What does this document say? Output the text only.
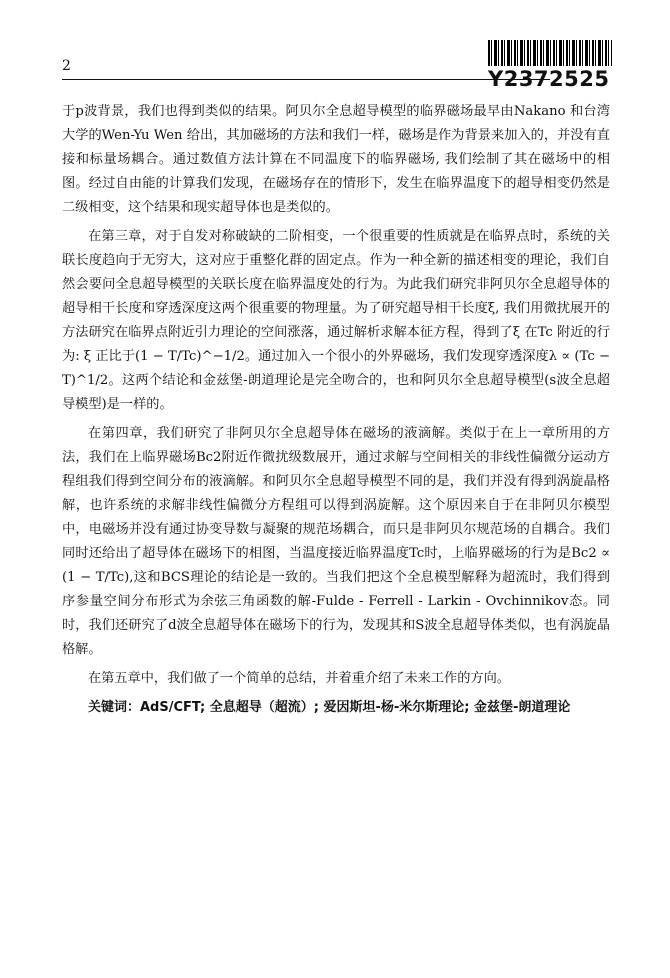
2
Y2372525

于p波背景，我们也得到类似的结果。阿贝尔全息超导模型的临界磁场最早由Nakano 和台湾大学的Wen-Yu Wen 给出，其加磁场的方法和我们一样，磁场是作为背景来加入的，并没有直接和标量场耦合。通过数值方法计算在不同温度下的临界磁场, 我们绘制了其在磁场中的相图。经过自由能的计算我们发现，在磁场存在的情形下，发生在临界温度下的超导相变仍然是二级相变，这个结果和现实超导体也是类似的。

在第三章，对于自发对称破缺的二阶相变，一个很重要的性质就是在临界点时，系统的关联长度趋向于无穷大，这对应于重整化群的固定点。作为一种全新的描述相变的理论，我们自然会要问全息超导模型的关联长度在临界温度处的行为。为此我们研究非阿贝尔全息超导体的超导相干长度和穿透深度这两个很重要的物理量。为了研究超导相干长度ξ, 我们用微扰展开的方法研究在临界点附近引力理论的空间涨落，通过解析求解本征方程，得到了ξ 在Tc 附近的行为: ξ 正比于(1 − T/Tc)^−1/2。通过加入一个很小的外界磁场，我们发现穿透深度λ ∝ (Tc − T)^1/2。这两个结论和金兹堡-朗道理论是完全吻合的，也和阿贝尔全息超导模型(s波全息超导模型)是一样的。

在第四章，我们研究了非阿贝尔全息超导体在磁场的液滴解。类似于在上一章所用的方法，我们在上临界磁场Bc2附近作微扰级数展开，通过求解与空间相关的非线性偏微分运动方程组我们得到空间分布的液滴解。和阿贝尔全息超导模型不同的是，我们并没有得到涡旋晶格解，也许系统的求解非线性偏微分方程组可以得到涡旋解。这个原因来自于在非阿贝尔模型中，电磁场并没有通过协变导数与凝聚的规范场耦合，而只是非阿贝尔规范场的自耦合。我们同时还给出了超导体在磁场下的相图，当温度接近临界温度Tc时，上临界磁场的行为是Bc2 ∝ (1 − T/Tc),这和BCS理论的结论是一致的。当我们把这个全息模型解释为超流时，我们得到序参量空间分布形式为余弦三角函数的解-Fulde - Ferrell - Larkin - Ovchinnikov态。同时，我们还研究了d波全息超导体在磁场下的行为，发现其和S波全息超导体类似，也有涡旋晶格解。

在第五章中，我们做了一个简单的总结，并着重介绍了未来工作的方向。

关键词：AdS/CFT; 全息超导（超流）; 爱因斯坦-杨-米尔斯理论; 金兹堡-朗道理论
